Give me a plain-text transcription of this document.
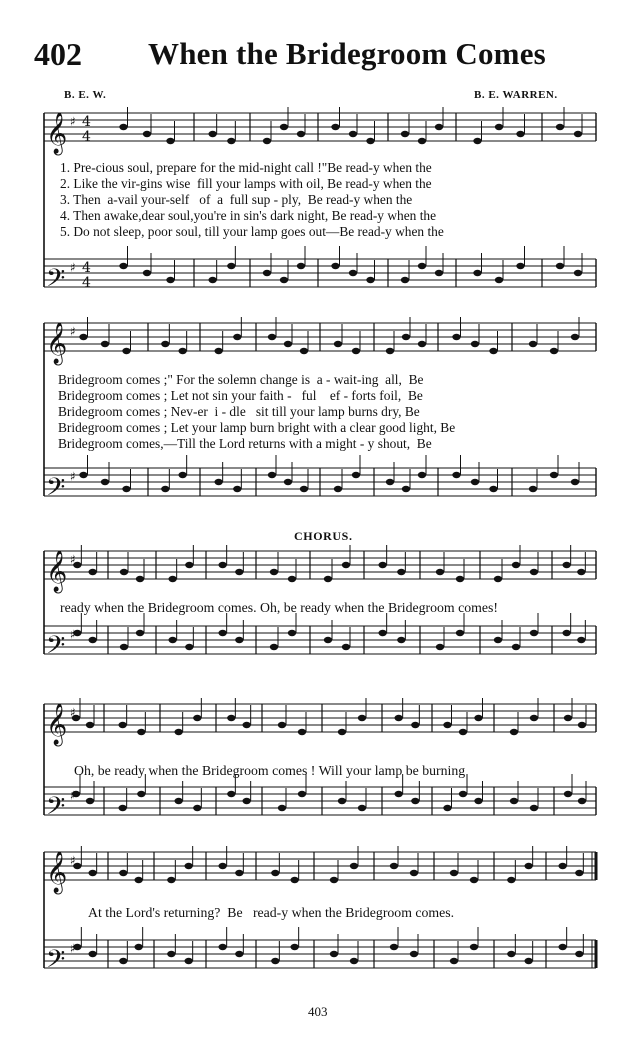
402 When the Bridegroom Comes
B. E. W.	B. E. WARREN.
CHORUS.
𝄞 ♯ 4
4
𝄢 ♯ 4
4
𝄞 ♯
𝄢 ♯
𝄞 ♯
𝄢 ♯
𝄞 ♯
𝄢 ♯
𝄞 ♯
𝄢 ♯
1. Pre-cious soul, prepare for the mid-night call !"Be read-y when the
2. Like the vir-gins wise  fill your lamps with oil, Be read-y when the
3. Then  a-vail your-self   of  a  full sup - ply,  Be read-y when the
4. Then awake,dear soul,you're in sin's dark night, Be read-y when the
5. Do not sleep, poor soul, till your lamp goes out—Be read-y when the
Bridegroom comes ;" For the solemn change is  a - wait-ing  all,  Be
Bridegroom comes ; Let not sin your faith -   ful    ef - forts foil,  Be
Bridegroom comes ; Nev-er  i - dle   sit till your lamp burns dry, Be
Bridegroom comes ; Let your lamp burn bright with a clear good light, Be
Bridegroom comes,—Till the Lord returns with a might - y shout,  Be
ready when the Bridegroom comes. Oh, be ready when the Bridegroom comes!
Oh, be ready when the Bridegroom comes ! Will your lamp be burning
At the Lord's returning?  Be   read-y when the Bridegroom comes.
403
